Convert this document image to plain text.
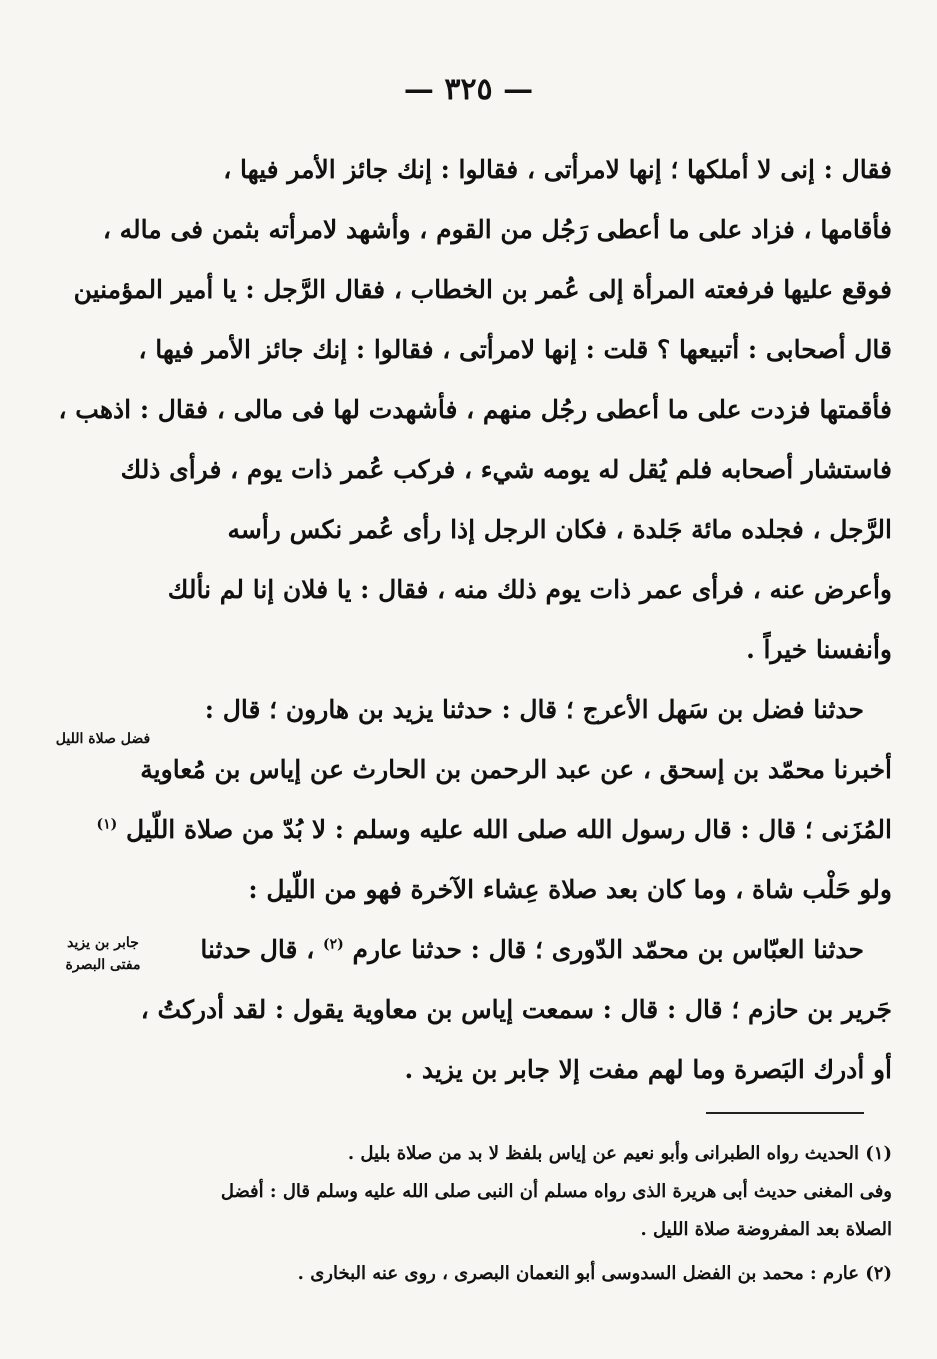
— ٣٢٥ —
فقال : إنى لا أملكها ؛ إنها لامرأتى ، فقالوا : إنك جائز الأمر فيها ،
فأقامها ، فزاد على ما أعطى رَجُل من القوم ، وأشهد لامرأته بثمن فى ماله ،
فوقع عليها فرفعته المرأة إلى عُمر بن الخطاب ، فقال الرَّجل : يا أمير المؤمنين
قال أصحابى : أتبيعها ؟ قلت : إنها لامرأتى ، فقالوا : إنك جائز الأمر فيها ،
فأقمتها فزدت على ما أعطى رجُل منهم ، فأشهدت لها فى مالى ، فقال : اذهب ،
فاستشار أصحابه فلم يُقل له يومه شيء ، فركب عُمر ذات يوم ، فرأى ذلك
الرَّجل ، فجلده مائة جَلدة ، فكان الرجل إذا رأى عُمر نكس رأسه
وأعرض عنه ، فرأى عمر ذات يوم ذلك منه ، فقال : يا فلان إنا لم نألك
وأنفسنا خيراً .
حدثنا فضل بن سَهل الأعرج ؛ قال : حدثنا يزيد بن هارون ؛ قال :
أخبرنا محمّد بن إسحق ، عن عبد الرحمن بن الحارث عن إياس بن مُعاوية
المُزَنى ؛ قال : قال رسول الله صلى الله عليه وسلم : لا بُدّ من صلاة اللّيل $^{(١)}$
ولو حَلْب شاة ، وما كان بعد صلاة عِشاء الآخرة فهو من اللّيل :
حدثنا العبّاس بن محمّد الدّورى ؛ قال : حدثنا عارم $^{(٢)}$ ، قال حدثنا
جَرير بن حازم ؛ قال : قال : سمعت إياس بن معاوية يقول : لقد أدركتُ ،
أو أدرك البَصرة وما لهم مفت إلا جابر بن يزيد .
فضل صلاة الليل
جابر بن يزيد
مفتى البصرة
(١) الحديث رواه الطبرانى وأبو نعيم عن إياس بلفظ لا بد من صلاة بليل .
وفى المغنى حديث أبى هريرة الذى رواه مسلم أن النبى صلى الله عليه وسلم قال : أفضل
الصلاة بعد المفروضة صلاة الليل .
(٢) عارم : محمد بن الفضل السدوسى أبو النعمان البصرى ، روى عنه البخارى .
